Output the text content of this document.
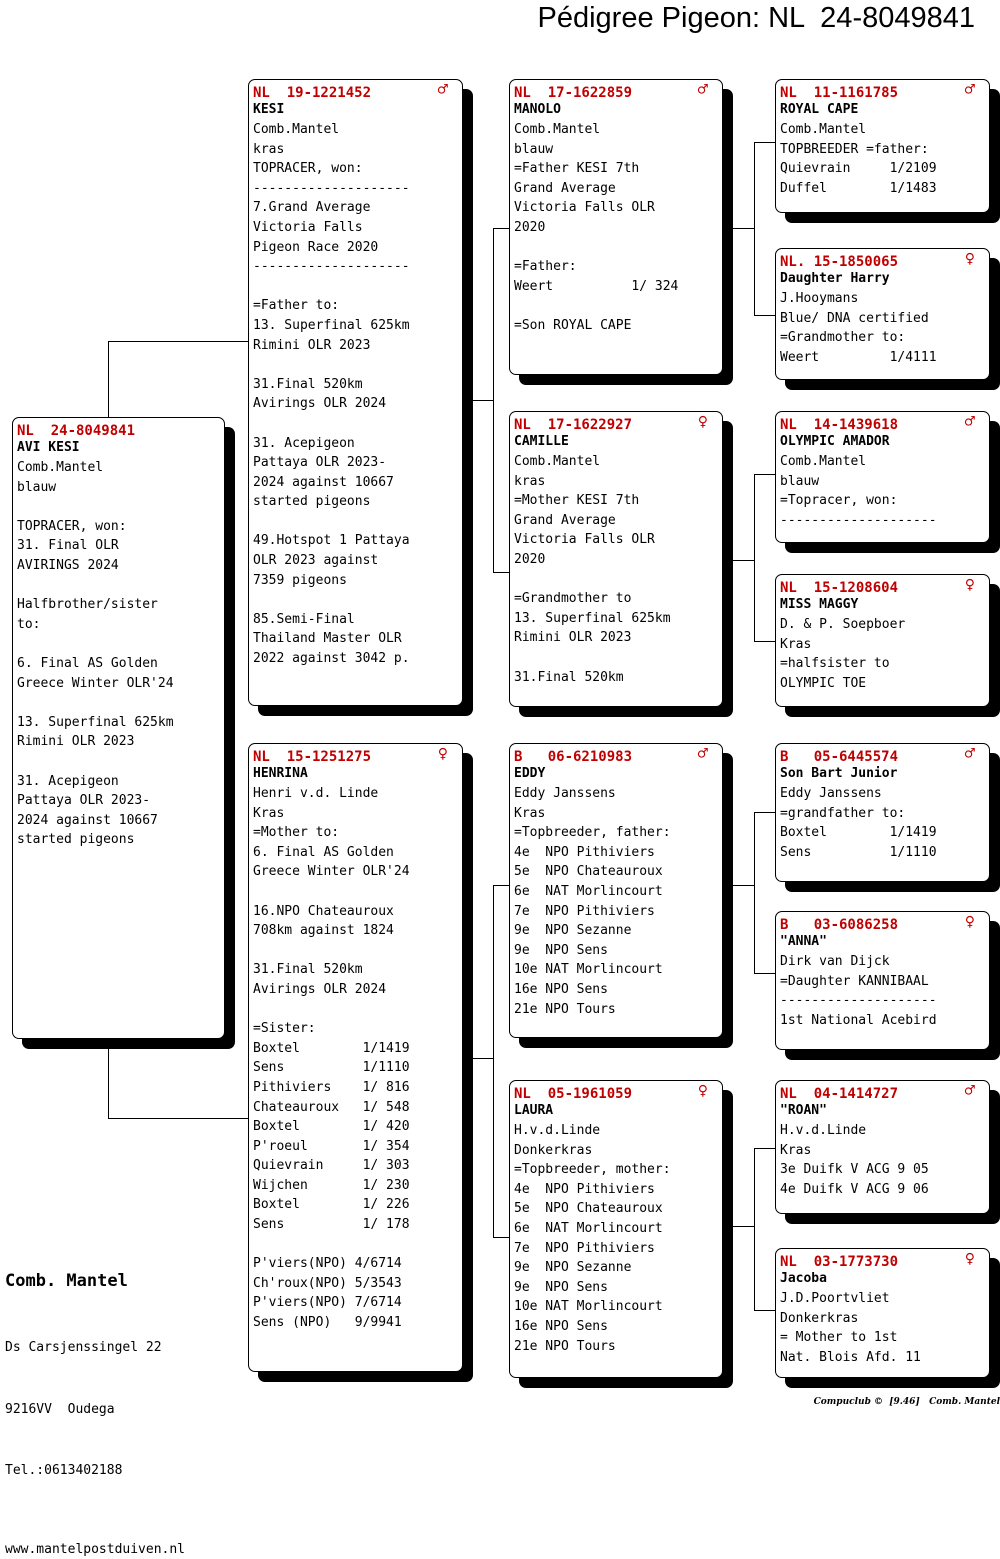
Pédigree Pigeon: NL  24-8049841
NL  24-8049841
AVI KESI
Comb.Mantel
blauw
TOPRACER, won:
31. Final OLR
AVIRINGS 2024
Halfbrother/sister
to:
6. Final AS Golden
Greece Winter OLR'24
13. Superfinal 625km
Rimini OLR 2023
31. Acepigeon
Pattaya OLR 2023-
2024 against 10667
started pigeons
NL  19-1221452	♂
KESI
Comb.Mantel
kras
TOPRACER, won:
--------------------
7.Grand Average
Victoria Falls
Pigeon Race 2020
--------------------
=Father to:
13. Superfinal 625km
Rimini OLR 2023
31.Final 520km
Avirings OLR 2024
31. Acepigeon
Pattaya OLR 2023-
2024 against 10667
started pigeons
49.Hotspot 1 Pattaya
OLR 2023 against
7359 pigeons
85.Semi-Final
Thailand Master OLR
2022 against 3042 p.
NL  15-1251275	♀
HENRINA
Henri v.d. Linde
Kras
=Mother to:
6. Final AS Golden
Greece Winter OLR'24
16.NPO Chateauroux
708km against 1824
31.Final 520km
Avirings OLR 2024
=Sister:
Boxtel        1/1419
Sens          1/1110
Pithiviers    1/ 816
Chateauroux   1/ 548
Boxtel        1/ 420
P'roeul       1/ 354
Quievrain     1/ 303
Wijchen       1/ 230
Boxtel        1/ 226
Sens          1/ 178
P'viers(NPO) 4/6714
Ch'roux(NPO) 5/3543
P'viers(NPO) 7/6714
Sens (NPO)   9/9941
NL  17-1622859	♂
MANOLO
Comb.Mantel
blauw
=Father KESI 7th
Grand Average
Victoria Falls OLR
2020
=Father:
Weert          1/ 324
=Son ROYAL CAPE
NL  17-1622927	♀
CAMILLE
Comb.Mantel
kras
=Mother KESI 7th
Grand Average
Victoria Falls OLR
2020
=Grandmother to
13. Superfinal 625km
Rimini OLR 2023
31.Final 520km
B   06-6210983	♂
EDDY
Eddy Janssens
Kras
=Topbreeder, father:
4e  NPO Pithiviers
5e  NPO Chateauroux
6e  NAT Morlincourt
7e  NPO Pithiviers
9e  NPO Sezanne
9e  NPO Sens
10e NAT Morlincourt
16e NPO Sens
21e NPO Tours
NL  05-1961059	♀
LAURA
H.v.d.Linde
Donkerkras
=Topbreeder, mother:
4e  NPO Pithiviers
5e  NPO Chateauroux
6e  NAT Morlincourt
7e  NPO Pithiviers
9e  NPO Sezanne
9e  NPO Sens
10e NAT Morlincourt
16e NPO Sens
21e NPO Tours
NL  11-1161785	♂
ROYAL CAPE
Comb.Mantel
TOPBREEDER =father:
Quievrain     1/2109
Duffel        1/1483
NL. 15-1850065	♀
Daughter Harry
J.Hooymans
Blue/ DNA certified
=Grandmother to:
Weert         1/4111
NL  14-1439618	♂
OLYMPIC AMADOR
Comb.Mantel
blauw
=Topracer, won:
--------------------
NL  15-1208604	♀
MISS MAGGY
D. & P. Soepboer
Kras
=halfsister to
OLYMPIC TOE
B   05-6445574	♂
Son Bart Junior
Eddy Janssens
=grandfather to:
Boxtel        1/1419
Sens          1/1110
B   03-6086258	♀
"ANNA"
Dirk van Dijck
=Daughter KANNIBAAL
--------------------
1st National Acebird
NL  04-1414727	♂
"ROAN"
H.v.d.Linde
Kras
3e Duifk V ACG 9 05
4e Duifk V ACG 9 06
NL  03-1773730	♀
Jacoba
J.D.Poortvliet
Donkerkras
= Mother to 1st
Nat. Blois Afd. 11
Comb. Mantel

Ds Carsjenssingel 22

9216VV  Oudega

Tel.:0613402188

www.mantelpostduiven.nl
Compuclub ©  [9.46]   Comb. Mantel
